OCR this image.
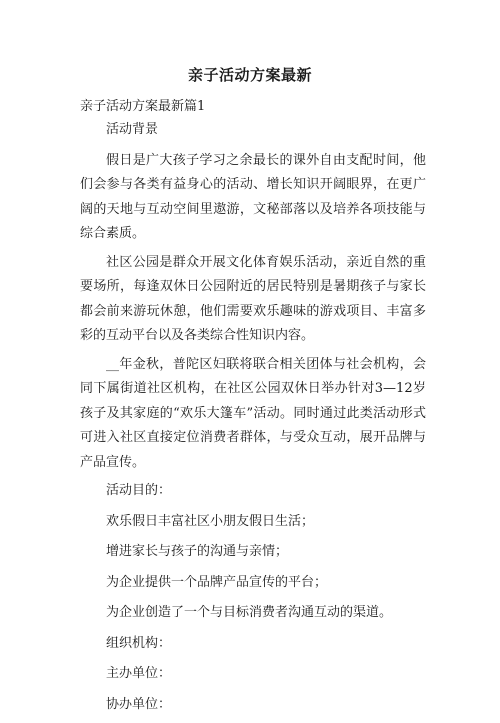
亲子活动方案最新
亲子活动方案最新篇1

活动背景

假日是广大孩子学习之余最长的课外自由支配时间，他们会参与各类有益身心的活动、增长知识开阔眼界，在更广阔的天地与互动空间里遨游，文秘部落以及培养各项技能与综合素质。

社区公园是群众开展文化体育娱乐活动，亲近自然的重要场所，每逢双休日公园附近的居民特别是暑期孩子与家长都会前来游玩休憩，他们需要欢乐趣味的游戏项目、丰富多彩的互动平台以及各类综合性知识内容。

__年金秋，普陀区妇联将联合相关团体与社会机构，会同下属街道社区机构，在社区公园双休日举办针对3—12岁孩子及其家庭的“欢乐大篷车”活动。同时通过此类活动形式可进入社区直接定位消费者群体，与受众互动，展开品牌与产品宣传。

活动目的：

欢乐假日丰富社区小朋友假日生活；

增进家长与孩子的沟通与亲情；

为企业提供一个品牌产品宣传的平台；

为企业创造了一个与目标消费者沟通互动的渠道。

组织机构：

主办单位：

协办单位：
